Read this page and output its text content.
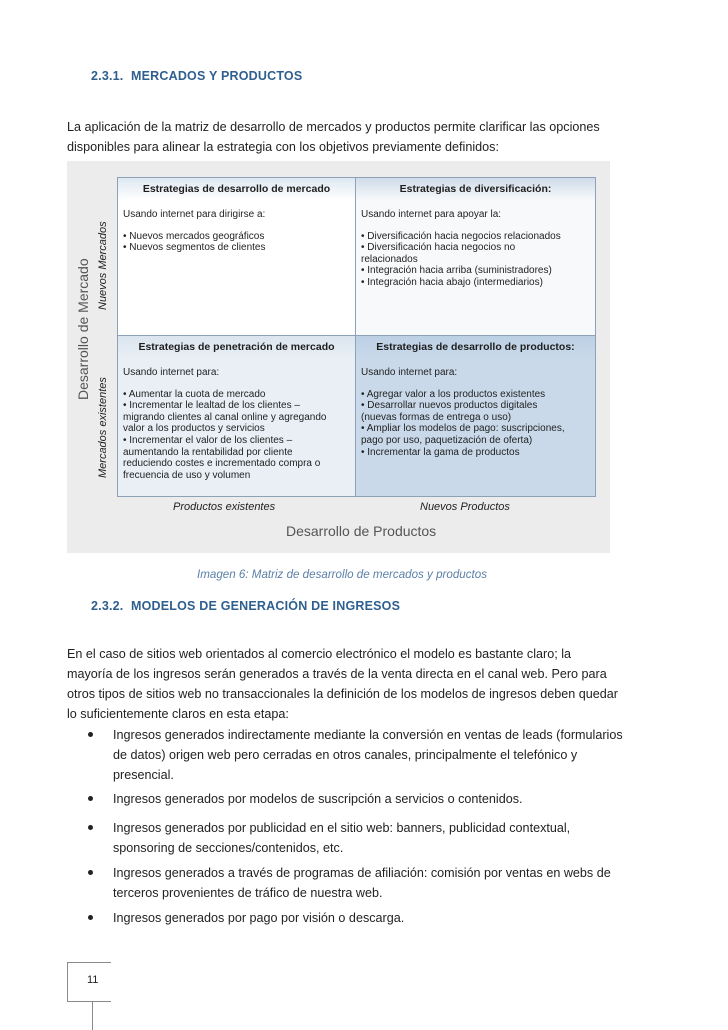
2.3.1. MERCADOS Y PRODUCTOS
La aplicación de la matriz de desarrollo de mercados y productos permite clarificar las opciones
disponibles para alinear la estrategia con los objetivos previamente definidos:
Estrategias de desarrollo de mercado
Usando internet para dirigirse a:
• Nuevos mercados geográficos
• Nuevos segmentos de clientes
Estrategias de diversificación:
Usando internet para apoyar la:
• Diversificación hacia negocios relacionados
• Diversificación hacia negocios no
relacionados
• Integración hacia arriba (suministradores)
• Integración hacia abajo (intermediarios)
Estrategias de penetración de mercado
Usando internet para:
• Aumentar la cuota de mercado
• Incrementar le lealtad de los clientes –
migrando clientes al canal online y agregando
valor a los productos y servicios
• Incrementar el valor de los clientes –
aumentando la rentabilidad por cliente
reduciendo costes e incrementado compra o
frecuencia de uso y volumen
Estrategias de desarrollo de productos:
Usando internet para:
• Agregar valor a los productos existentes
• Desarrollar nuevos productos digitales
(nuevas formas de entrega o uso)
• Ampliar los modelos de pago: suscripciones,
pago por uso, paquetización de oferta)
• Incrementar la gama de productos
Desarrollo de Mercado Nuevos Mercados
Mercados existentes
Productos existentes	Nuevos Productos
Desarrollo de Productos
Imagen 6: Matriz de desarrollo de mercados y productos
2.3.2. MODELOS DE GENERACIÓN DE INGRESOS
En el caso de sitios web orientados al comercio electrónico el modelo es bastante claro; la
mayoría de los ingresos serán generados a través de la venta directa en el canal web. Pero para
otros tipos de sitios web no transaccionales la definición de los modelos de ingresos deben quedar
lo suficientemente claros en esta etapa:
Ingresos generados indirectamente mediante la conversión en ventas de leads (formularios
de datos) origen web pero cerradas en otros canales, principalmente el telefónico y
presencial.
Ingresos generados por modelos de suscripción a servicios o contenidos.
Ingresos generados por publicidad en el sitio web: banners, publicidad contextual,
sponsoring de secciones/contenidos, etc.
Ingresos generados a través de programas de afiliación: comisión por ventas en webs de
terceros provenientes de tráfico de nuestra web.
Ingresos generados por pago por visión o descarga.
11
